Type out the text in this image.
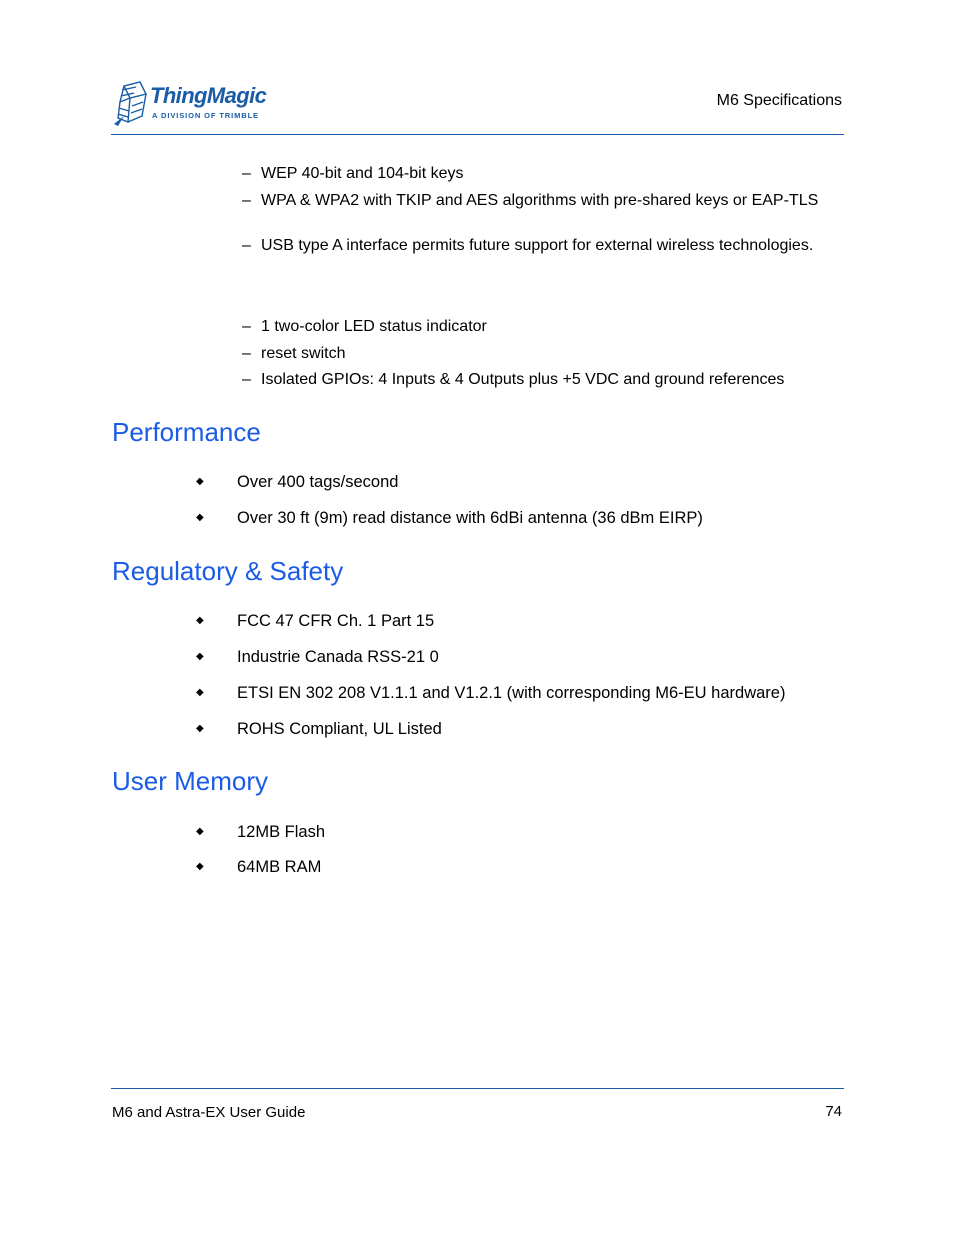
ThingMagic
A DIVISION OF TRIMBLE
M6 Specifications
– WEP 40-bit and 104-bit keys
– WPA & WPA2 with TKIP and AES algorithms with pre-shared keys or EAP-TLS
– USB type A interface permits future support for external wireless technologies.
– 1 two-color LED status indicator
– reset switch
– Isolated GPIOs: 4 Inputs & 4 Outputs plus +5 VDC and ground references
Performance
◆	Over 400 tags/second
◆	Over 30 ft (9m) read distance with 6dBi antenna (36 dBm EIRP)
Regulatory & Safety
◆	FCC 47 CFR Ch. 1 Part 15
◆	Industrie Canada RSS-21 0
◆	ETSI EN 302 208 V1.1.1 and V1.2.1 (with corresponding M6-EU hardware)
◆	ROHS Compliant, UL Listed
User Memory
◆	12MB Flash
◆	64MB RAM
M6 and Astra-EX User Guide	74
